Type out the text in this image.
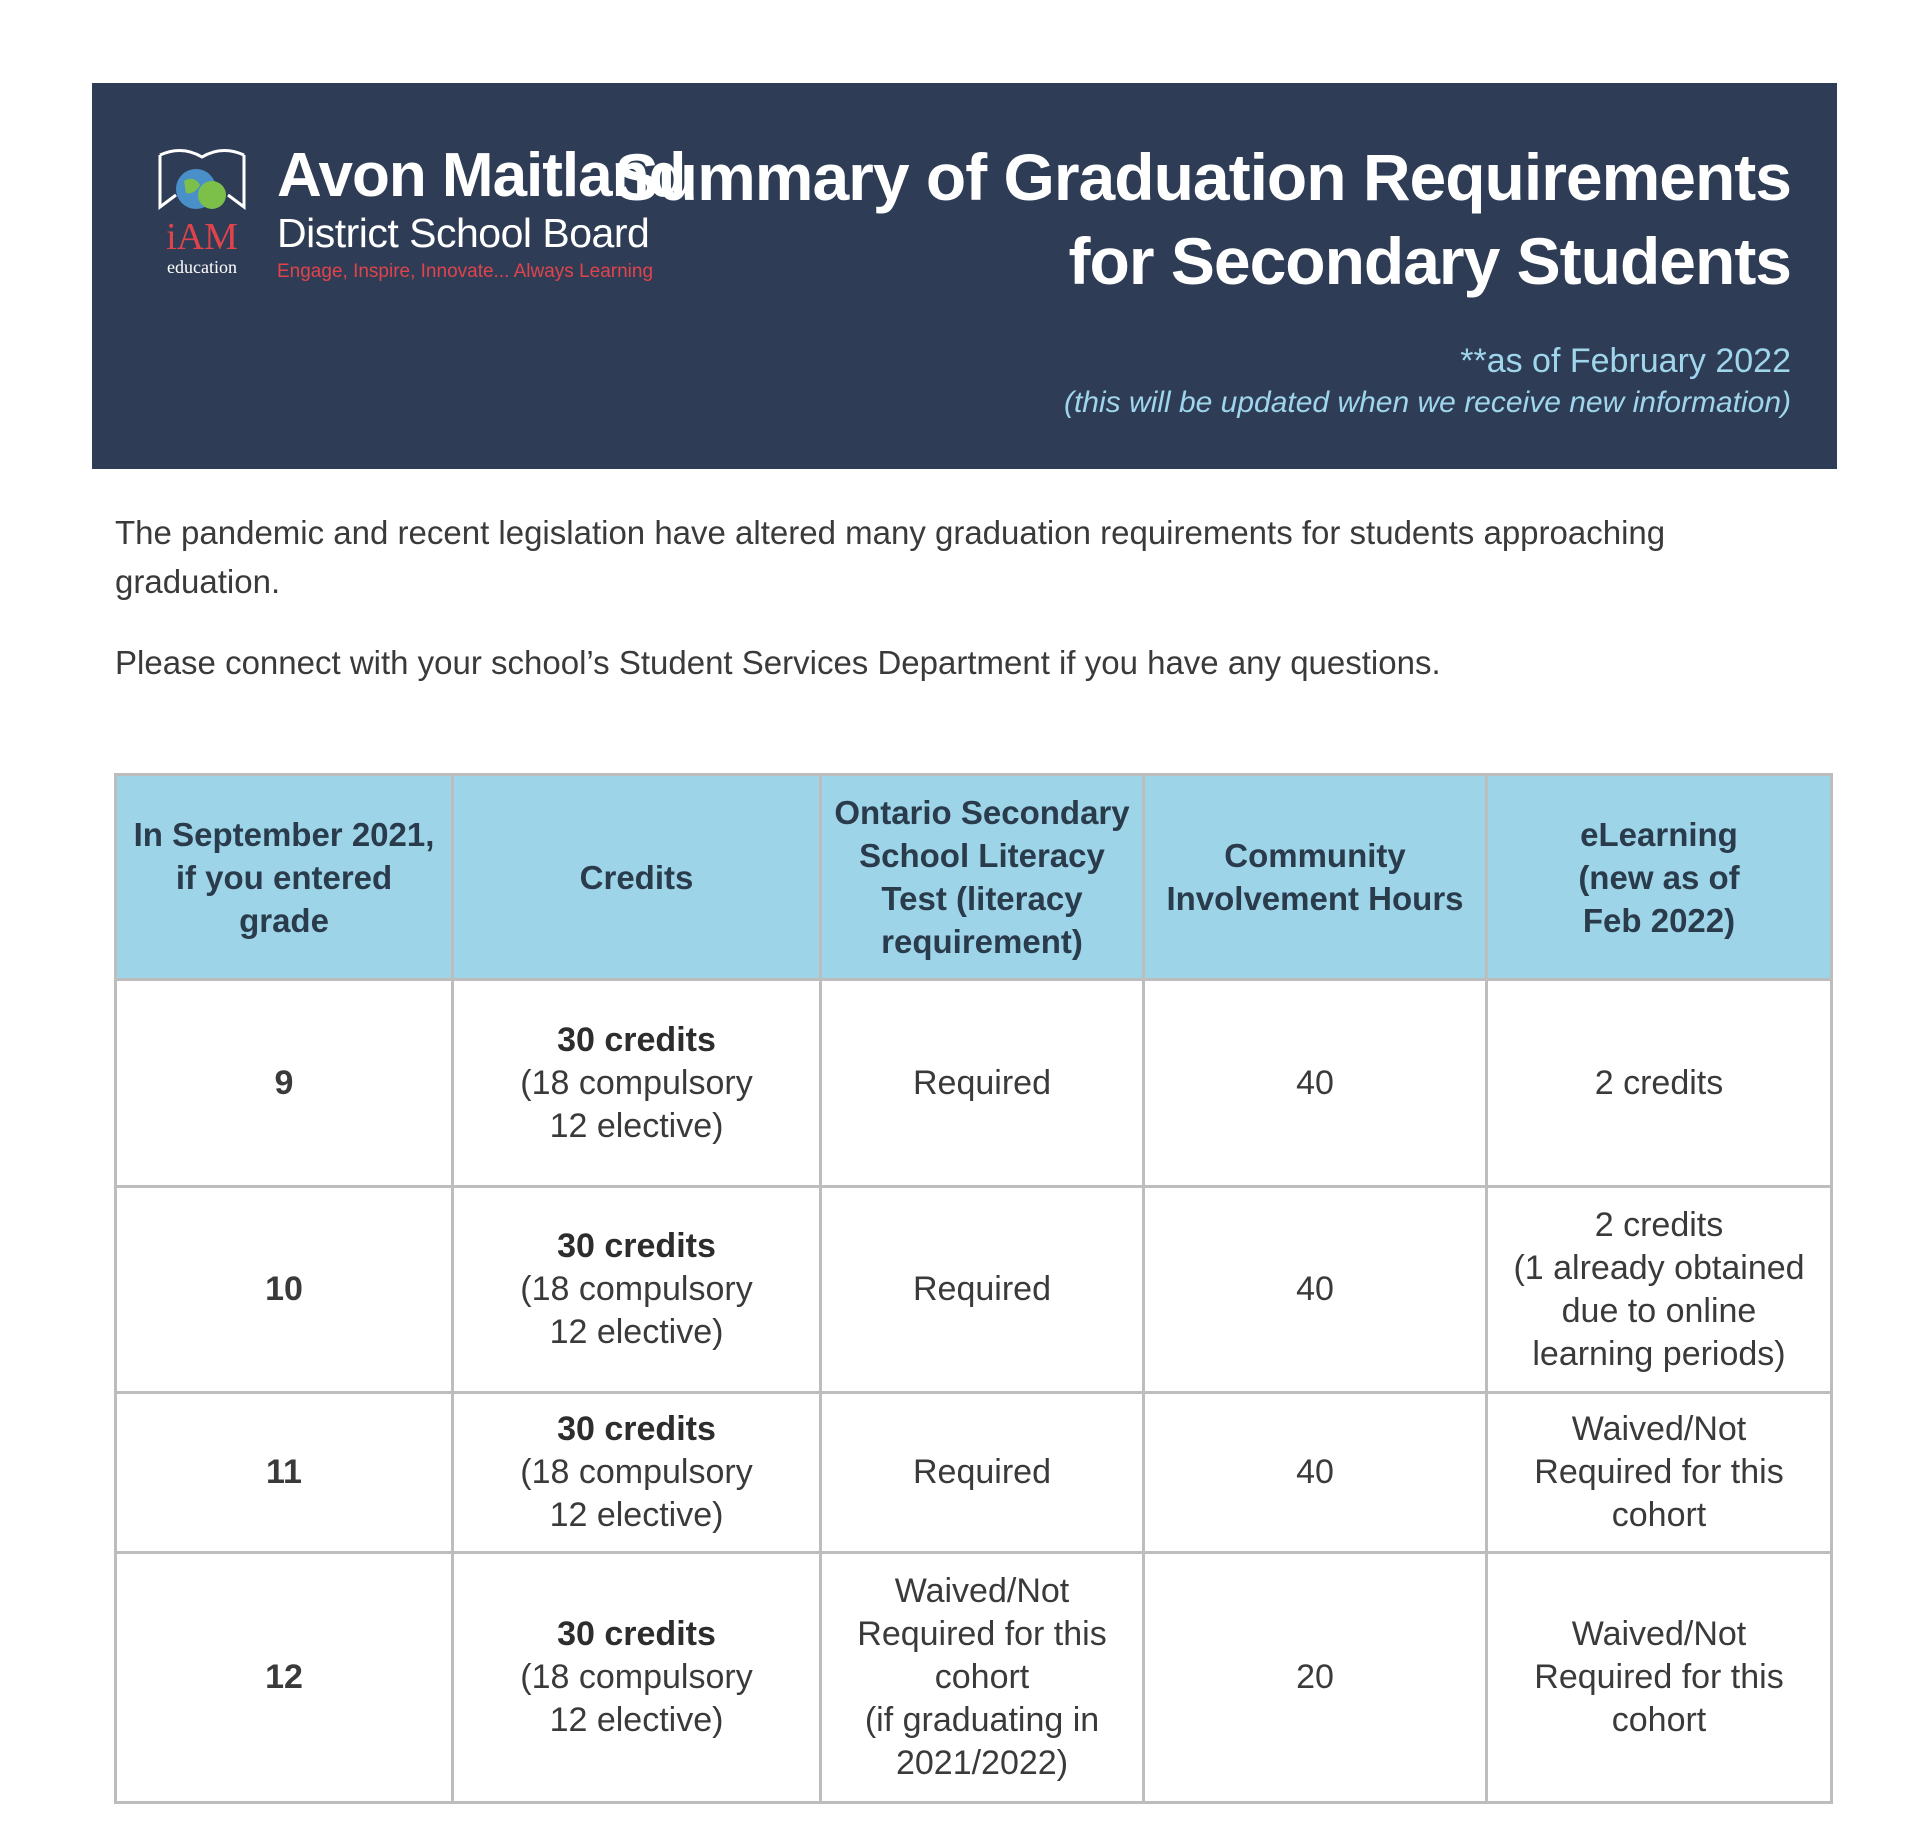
iAM
education
Avon Maitland
District School Board
Engage, Inspire, Innovate... Always Learning
Summary of Graduation Requirements
for Secondary Students
**as of February 2022
(this will be updated when we receive new information)

The pandemic and recent legislation have altered many graduation requirements for students approaching graduation.

Please connect with your school’s Student Services Department if you have any questions.

In September 2021,
if you entered
grade	Credits	Ontario Secondary
School Literacy
Test (literacy
requirement)	Community
Involvement Hours	eLearning
(new as of
Feb 2022)
9	30 credits
(18 compulsory
12 elective)	Required	40	2 credits
10	30 credits
(18 compulsory
12 elective)	Required	40	2 credits
(1 already obtained
due to online
learning periods)
11	30 credits
(18 compulsory
12 elective)	Required	40	Waived/Not
Required for this
cohort
12	30 credits
(18 compulsory
12 elective)	Waived/Not
Required for this
cohort
(if graduating in
2021/2022)	20	Waived/Not
Required for this
cohort
